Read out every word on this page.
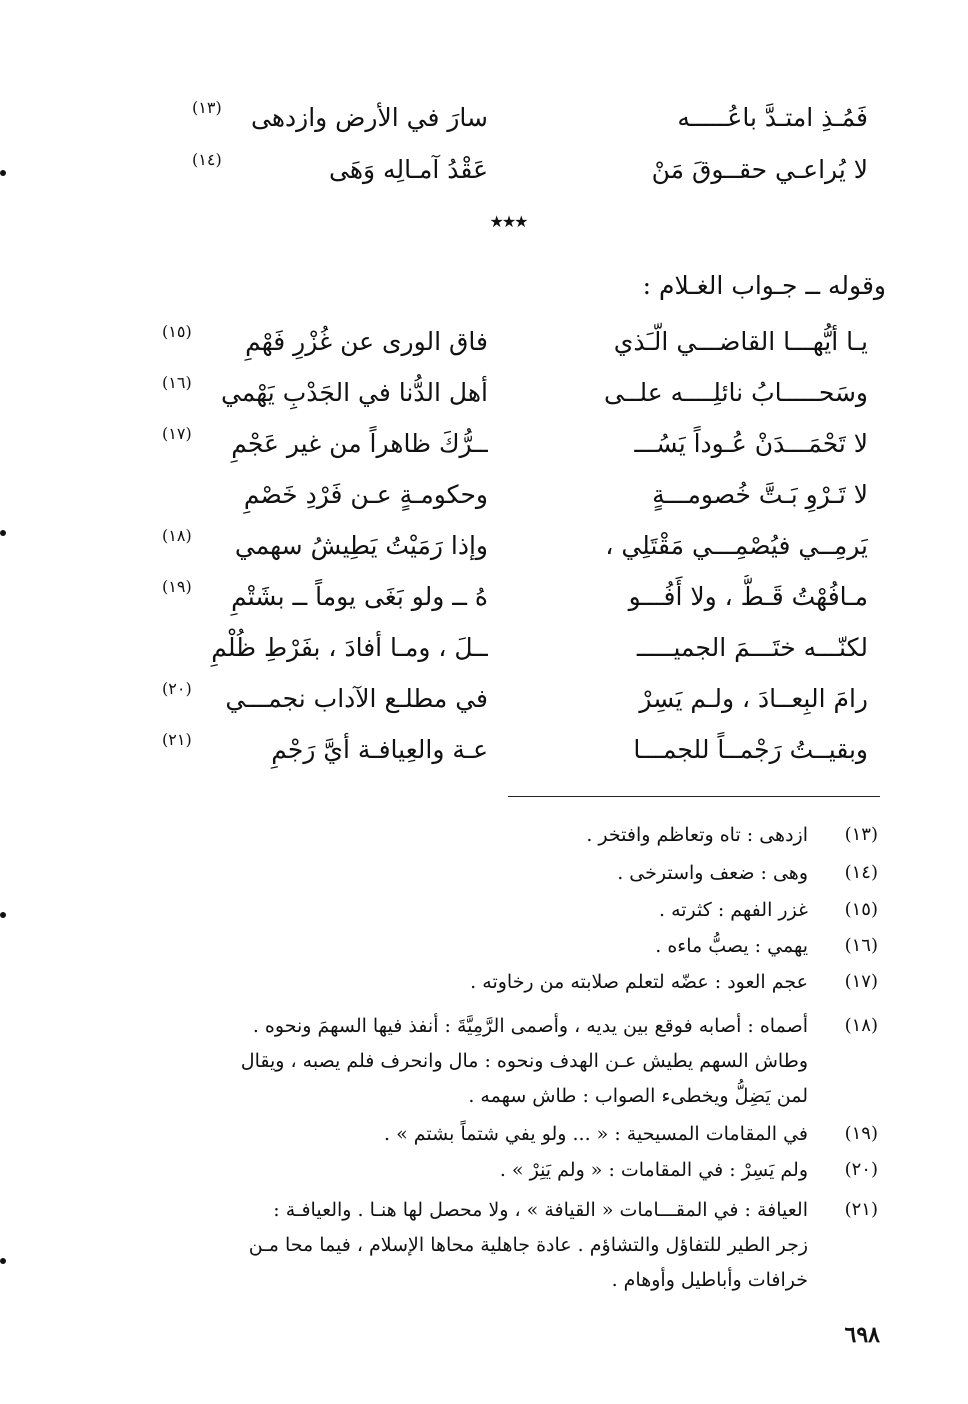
فَمُـذِ امتـدَّ باعُـــــه
سارَ في الأرض وازدهى
(١٣)
لا يُراعـي حقــوقَ مَنْ
عَقْدُ آمـالِه وَهَى
(١٤)
★★★
وقوله ــ جـواب الغـلام :
يـا أيُّهـــا القاضـــي الّـَذي
فاق الورى عن غُزْرِ فَهْمِ
(١٥)
وسَحـــــابُ نائلِــــه علــى
أهل الدُّنا في الجَدْبِ يَهْمي
(١٦)
لا تَحْمَـــدَنْ عُـوداً يَسُـــ
ــرُّكَ ظاهراً من غير عَجْمِ
(١٧)
لا تَـرْوِ بَـتَّ خُصومـــةٍ
وحكومـةٍ عـن فَرْدِ خَصْمِ
يَرمِــي فيُصْمِـــي مَقْتَلِي ،
وإذا رَمَيْتُ يَطِيشُ سهمي
(١٨)
مـافُهْتُ قَـطُّ ، ولا أَفُـــو
هُ ــ ولو بَغَى يوماً ــ بشَتْمِ
(١٩)
لكنّـــه ختَـــمَ الجميـــــ
ــلَ ، ومـا أفادَ ، بفَرْطِ ظُلْمِ
رامَ البِعــادَ ، ولـم يَسِرْ
في مطلـع الآداب نجمـــي
(٢٠)
وبقيــتُ رَجْمــاً للجمـــا
عـة والعِيافـة أيَّ رَجْمِ
(٢١)
(١٣)
ازدهى : تاه وتعاظم وافتخر .
(١٤)
وهى : ضعف واسترخى .
(١٥)
غزر الفهم : كثرته .
(١٦)
يهمي : يصبُّ ماءه .
(١٧)
عجم العود : عضّه لتعلم صلابته من رخاوته .
(١٨)
أصماه : أصابه فوقع بين يديه ، وأصمى الرَّمِيَّةَ : أنفذ فيها السهمَ ونحوه .
وطاش السهم يطيش عـن الهدف ونحوه : مال وانحرف فلم يصبه ، ويقال
لمن يَضِلُّ ويخطىء الصواب : طاش سهمه .
(١٩)
في المقامات المسيحية : « ... ولو يفي شتماً بشتم » .
(٢٠)
ولم يَسِرْ : في المقامات : « ولم يَنِرْ » .
(٢١)
العيافة : في المقـــامات « القيافة » ، ولا محصل لها هنـا . والعيافـة :
زجر الطير للتفاؤل والتشاؤم . عادة جاهلية محاها الإسلام ، فيما محا مـن
خرافات وأباطيل وأوهام .
٦٩٨
